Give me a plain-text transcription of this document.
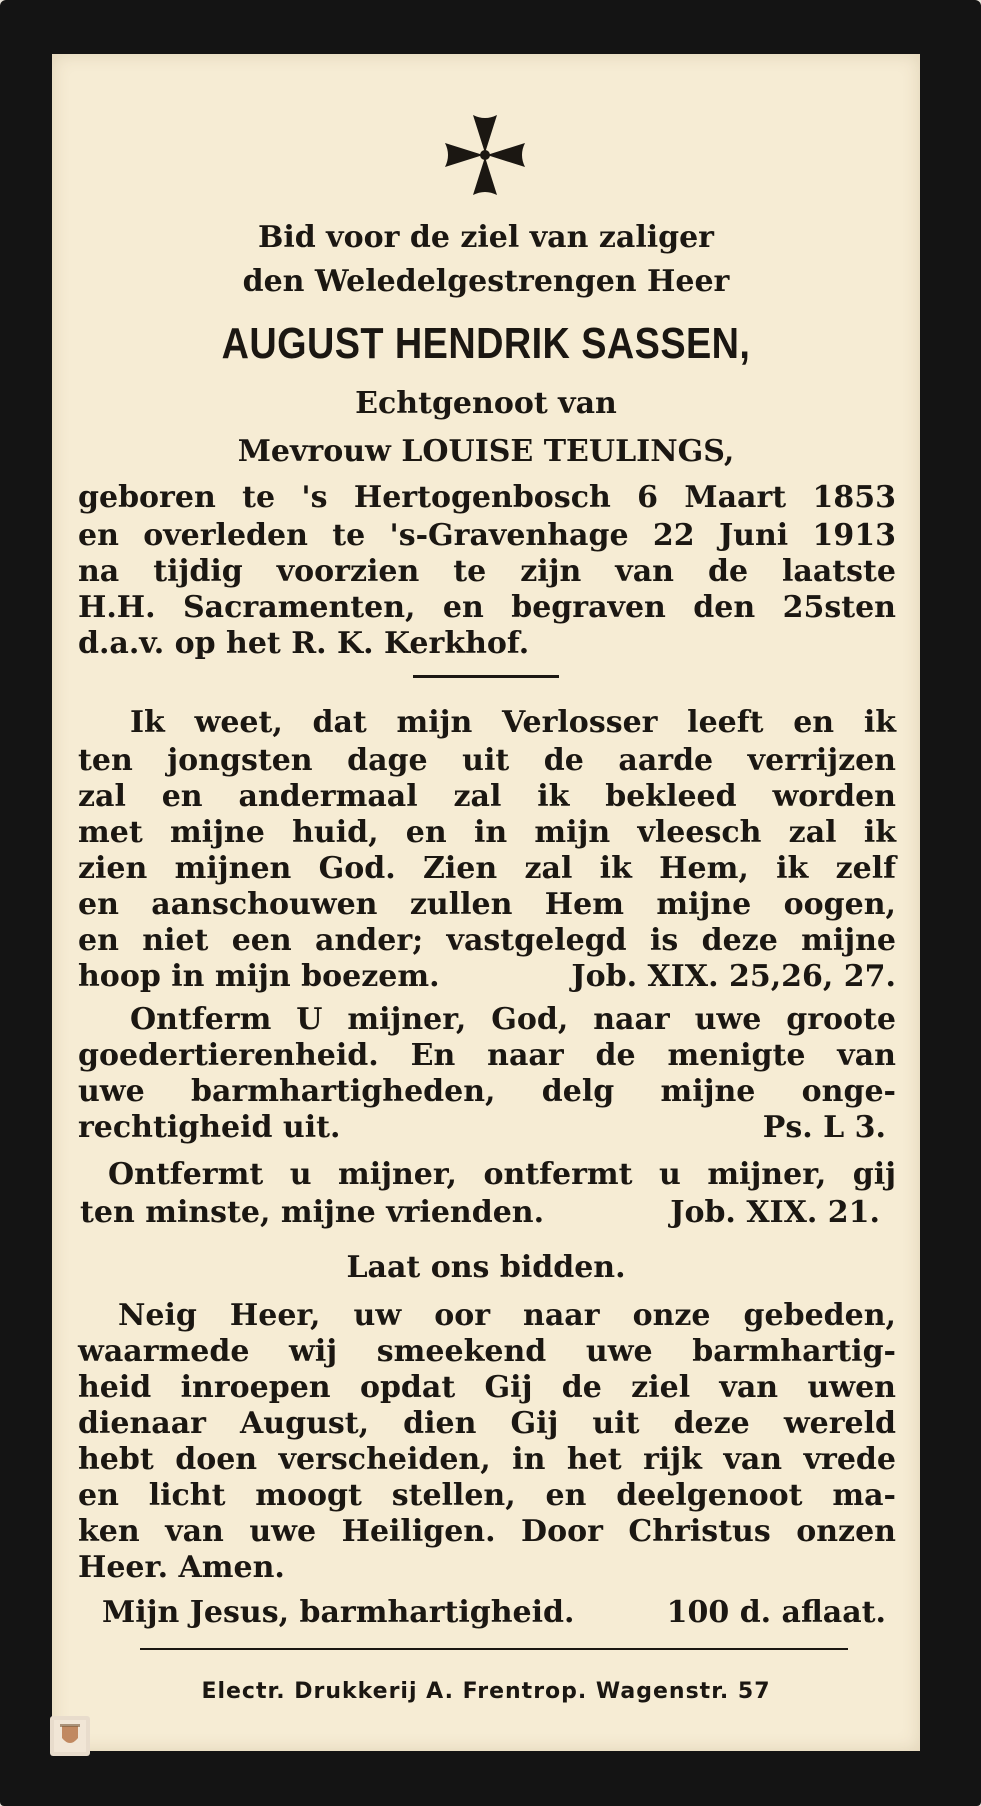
Bid voor de ziel van zaliger

den Weledelgestrengen Heer

AUGUST HENDRIK SASSEN,

Echtgenoot van

Mevrouw LOUISE TEULINGS,

geboren te 's Hertogenbosch 6 Maart 1853

en overleden te 's-Gravenhage 22 Juni 1913

na tijdig voorzien te zijn van de laatste

H.H. Sacramenten, en begraven den 25sten

d.a.v. op het R. K. Kerkhof.

Ik weet, dat mijn Verlosser leeft en ik

ten jongsten dage uit de aarde verrijzen

zal en andermaal zal ik bekleed worden

met mijne huid, en in mijn vleesch zal ik

zien mijnen God. Zien zal ik Hem, ik zelf

en aanschouwen zullen Hem mijne oogen,

en niet een ander; vastgelegd is deze mijne

hoop in mijn boezem.	Job. XIX. 25,26, 27.

Ontferm U mijner, God, naar uwe groote

goedertierenheid. En naar de menigte van

uwe barmhartigheden, delg mijne onge-

rechtigheid uit.	Ps. L 3.

Ontfermt u mijner, ontfermt u mijner, gij

ten minste, mijne vrienden.	Job. XIX. 21.

Laat ons bidden.

Neig Heer, uw oor naar onze gebeden,

waarmede wij smeekend uwe barmhartig-

heid inroepen opdat Gij de ziel van uwen

dienaar August, dien Gij uit deze wereld

hebt doen verscheiden, in het rijk van vrede

en licht moogt stellen, en deelgenoot ma-

ken van uwe Heiligen. Door Christus onzen

Heer. Amen.

Mijn Jesus, barmhartigheid.	100 d. aflaat.

Electr. Drukkerij A. Frentrop. Wagenstr. 57
